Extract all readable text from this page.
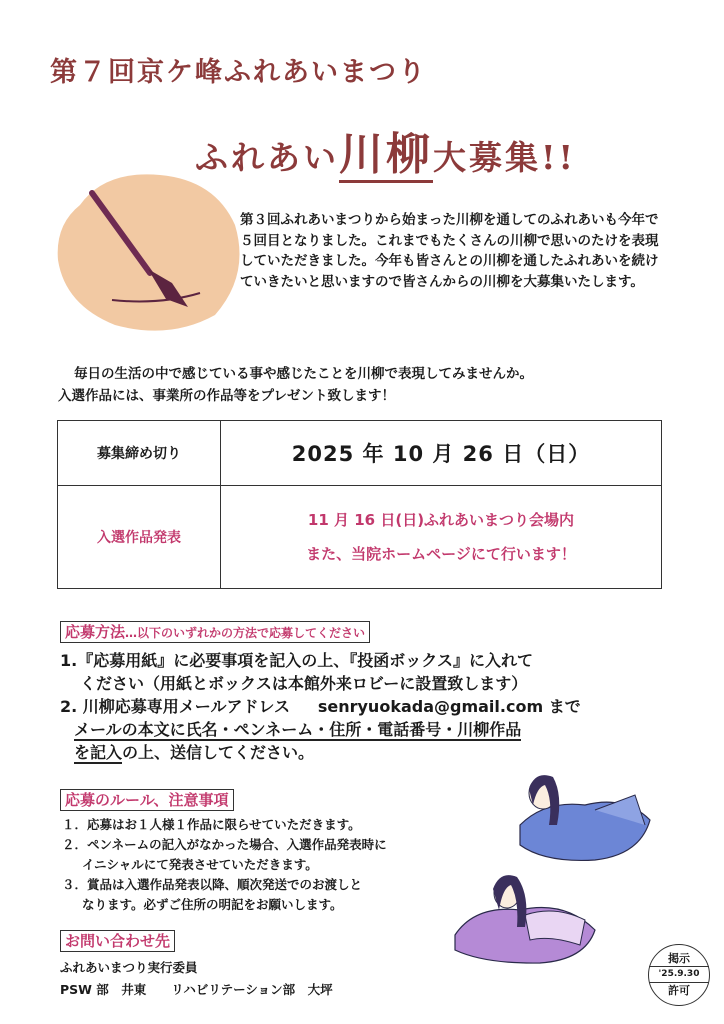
第７回京ケ峰ふれあいまつり
ふれあい川柳大募集!!
第３回ふれあいまつりから始まった川柳を通してのふれあいも今年で５回目となりました。これまでもたくさんの川柳で思いのたけを表現していただきました。今年も皆さんとの川柳を通したふれあいを続けていきたいと思いますので皆さんからの川柳を大募集いたします。
毎日の生活の中で感じている事や感じたことを川柳で表現してみませんか。
入選作品には、事業所の作品等をプレゼント致します！
募集締め切り	2025 年 10 月 26 日（日）
入選作品発表	11 月 16 日(日)ふれあいまつり会場内
また、当院ホームページにて行います！
応募方法…以下のいずれかの方法で応募してください
1.『応募用紙』に必要事項を記入の上、『投函ボックス』に入れて
ください（用紙とボックスは本館外来ロビーに設置致します）
2. 川柳応募専用メールアドレス senryuokada@gmail.com まで
メールの本文に氏名・ペンネーム・住所・電話番号・川柳作品
を記入の上、送信してください。
応募のルール、注意事項
１．応募はお１人様１作品に限らせていただきます。
２．ペンネームの記入がなかった場合、入選作品発表時に
イニシャルにて発表させていただきます。
３．賞品は入選作品発表以降、順次発送でのお渡しと
なります。必ずご住所の明記をお願いします。
お問い合わせ先
ふれあいまつり実行委員
PSW 部　井東　　リハビリテーション部　大坪
掲示
'25.9.30
許可
